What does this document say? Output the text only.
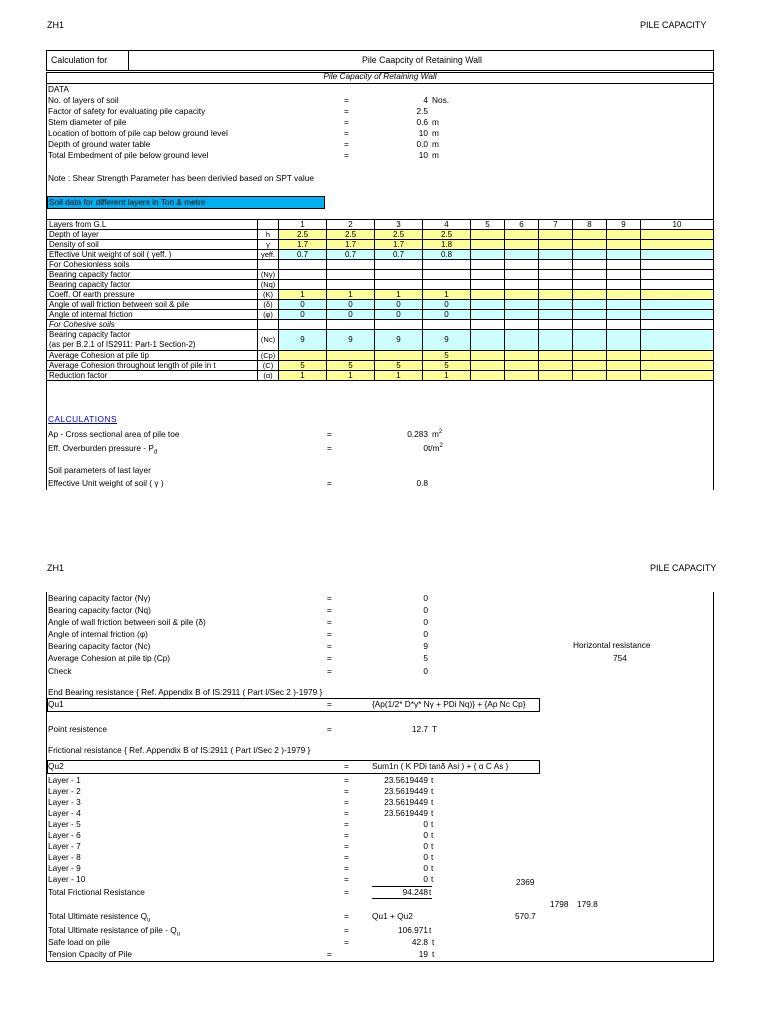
ZH1	PILE CAPACITY
Calculation for	Pile Caapcity of Retaining Wall
Pile Capacity of Retaining Wall
DATA
No. of layers of soil	=	4 Nos.
Factor of safety for evaluating pile capacity	=	2.5
Stem diameter of pile	=	0.6 m
Location of bottom of pile cap below ground level	=	10 m
Depth of ground water table	=	0.0 m
Total Embedment of pile below ground level	=	10 m
Note : Shear Strength Parameter has been derivied based on SPT value
Soil data for different layers in Ton & metre
Layers from G.L		1	2	3	4	5	6	7	8	9	10
Depth of layer	h	2.5	2.5	2.5	2.5						
Density of soil	γ	1.7	1.7	1.7	1.8						
Effective Unit weight of soil ( γeff. )	γeff.	0.7	0.7	0.7	0.8						
For Cohesionless soils											
Bearing capacity factor	(Nγ)										
Bearing capacity factor	(Nq)										
Coeff. Of earth pressure	(K)	1	1	1	1						
Angle of wall friction between soil & pile	(δ)	0	0	0	0						
Angle of internal friction	(φ)	0	0	0	0						
For Cohesive soils											

Bearing capacity factor
(as per B.2.1 of IS2911: Part-1 Section-2)	(Nc)	9	9	9	9						
Average Cohesion at pile tip	(Cp)				5						
Average Cohesion throughout length of pile in t	(C)	5	5	5	5						
Reduction factor	(α)	1	1	1	1						
CALCULATIONS
Ap - Cross sectional area of pile toe	=	0.283 $m^2$
Eff. Overburden pressure - $P_d$	=	0 $t/m^2$
Soil parameters of last layer
Effective Unit weight of soil ( γ )	=	0.8
ZH1	PILE CAPACITY
Bearing capacity factor (Nγ)	=	0
Bearing capacity factor (Nq)	=	0
Angle of wall friction between soil & pile (δ)	=	0
Angle of internal friction (φ)	=	0
Bearing capacity factor (Nc)	=	9
Average Cohesion at pile tip (Cp)	=	5
Check	=	0
Horizontal resistance
754
End Bearing resistance { Ref. Appendix B of IS:2911 ( Part I/Sec 2 )-1979 }
Qu1	=	{Ap(1/2* D*γ* Nγ + PDi Nq)} + {Ap Nc Cp}
Point resistence	=	12.7 T
Frictional resistance { Ref. Appendix B of IS:2911 ( Part I/Sec 2 )-1979 }
Qu2	=	Sum1n ( K PDi tanδ Asi ) + { α C As }
Layer - 1	=	23.5619449 t
Layer - 2	=	23.5619449 t
Layer - 3	=	23.5619449 t
Layer - 4	=	23.5619449 t
Layer - 5	=	0 t
Layer - 6	=	0 t
Layer - 7	=	0 t
Layer - 8	=	0 t
Layer - 9	=	0 t
Layer - 10	=	0 t	2369
Total Frictional Resistance	=	94.248 t
1798 179.8
Total Ultimate resistence $Q_u$	=	Qu1 + Qu2	570.7
Total Ultimate resistance of pile - $Q_u$	=	106.971 t
Safe load on pile	=	42.8 t
Tension Cpacity of Pile	=	19 t
